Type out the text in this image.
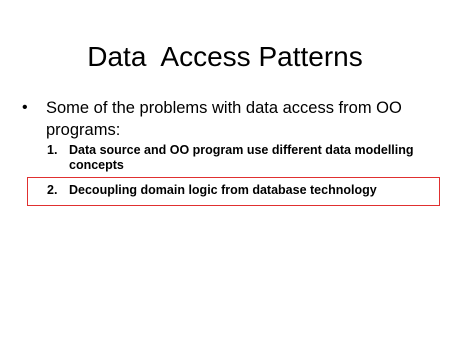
Data  Access Patterns
•	Some of the problems with data access from OO programs:
1. Data source and OO program use different data modelling concepts
2. Decoupling domain logic from database technology
